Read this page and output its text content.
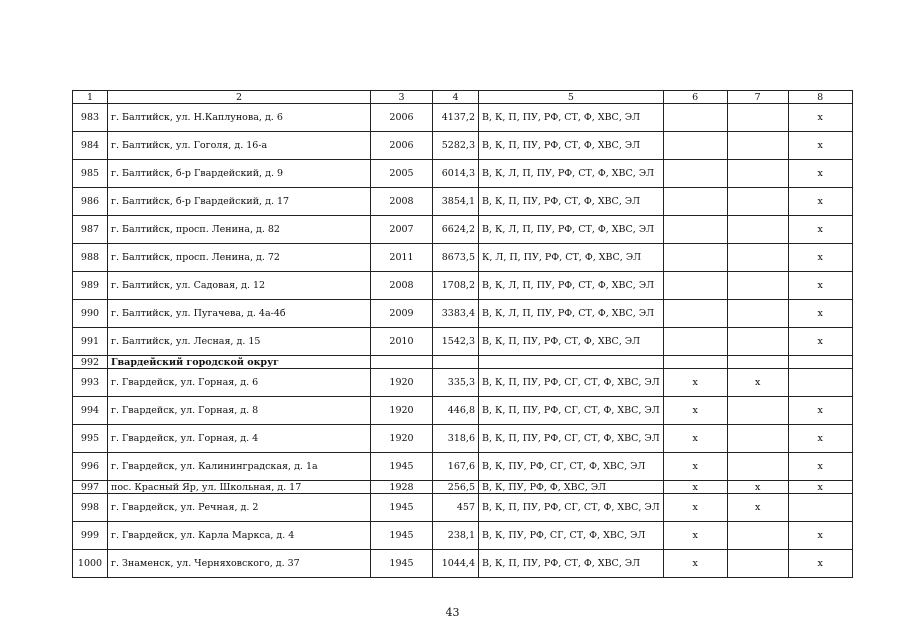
1	2	3	4	5	6	7	8
983	г. Балтийск, ул. Н.Каплунова, д. 6	2006	4137,2	В, К, П, ПУ, РФ, СТ, Ф, ХВС, ЭЛ			x
984	г. Балтийск, ул. Гоголя, д. 16-а	2006	5282,3	В, К, П, ПУ, РФ, СТ, Ф, ХВС, ЭЛ			x
985	г. Балтийск, б-р Гвардейский, д. 9	2005	6014,3	В, К, Л, П, ПУ, РФ, СТ, Ф, ХВС, ЭЛ			x
986	г. Балтийск, б-р Гвардейский, д. 17	2008	3854,1	В, К, П, ПУ, РФ, СТ, Ф, ХВС, ЭЛ			x
987	г. Балтийск, просп. Ленина, д. 82	2007	6624,2	В, К, Л, П, ПУ, РФ, СТ, Ф, ХВС, ЭЛ			x
988	г. Балтийск, просп. Ленина, д. 72	2011	8673,5	К, Л, П, ПУ, РФ, СТ, Ф, ХВС, ЭЛ			x
989	г. Балтийск, ул. Садовая, д. 12	2008	1708,2	В, К, Л, П, ПУ, РФ, СТ, Ф, ХВС, ЭЛ			x
990	г. Балтийск, ул. Пугачева, д. 4а-4б	2009	3383,4	В, К, Л, П, ПУ, РФ, СТ, Ф, ХВС, ЭЛ			x
991	г. Балтийск, ул. Лесная, д. 15	2010	1542,3	В, К, П, ПУ, РФ, СТ, Ф, ХВС, ЭЛ			x
992	Гвардейский городской округ						
993	г. Гвардейск, ул. Горная, д. 6	1920	335,3	В, К, П, ПУ, РФ, СГ, СТ, Ф, ХВС, ЭЛ	x	x	
994	г. Гвардейск, ул. Горная, д. 8	1920	446,8	В, К, П, ПУ, РФ, СГ, СТ, Ф, ХВС, ЭЛ	x		x
995	г. Гвардейск, ул. Горная, д. 4	1920	318,6	В, К, П, ПУ, РФ, СГ, СТ, Ф, ХВС, ЭЛ	x		x
996	г. Гвардейск, ул. Калининградская, д. 1а	1945	167,6	В, К, ПУ, РФ, СГ, СТ, Ф, ХВС, ЭЛ	x		x
997	пос. Красный Яр, ул. Школьная, д. 17	1928	256,5	В, К, ПУ, РФ, Ф, ХВС, ЭЛ	x	x	x
998	г. Гвардейск, ул. Речная, д. 2	1945	457	В, К, П, ПУ, РФ, СГ, СТ, Ф, ХВС, ЭЛ	x	x	
999	г. Гвардейск, ул. Карла Маркса, д. 4	1945	238,1	В, К, ПУ, РФ, СГ, СТ, Ф, ХВС, ЭЛ	x		x
1000	г. Знаменск, ул. Черняховского, д. 37	1945	1044,4	В, К, П, ПУ, РФ, СТ, Ф, ХВС, ЭЛ	x		x
43
